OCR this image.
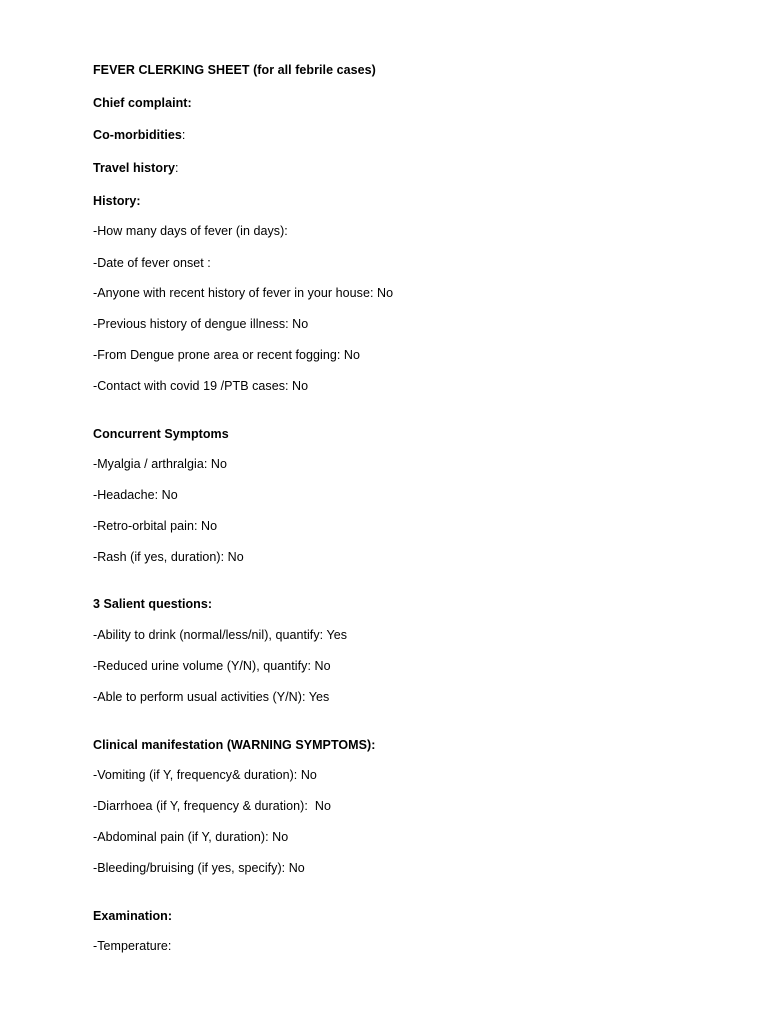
FEVER CLERKING SHEET (for all febrile cases)
Chief complaint:
Co-morbidities:
Travel history:
History:
-How many days of fever (in days):
-Date of fever onset :
-Anyone with recent history of fever in your house: No
-Previous history of dengue illness: No
-From Dengue prone area or recent fogging: No
-Contact with covid 19 /PTB cases: No
Concurrent Symptoms
-Myalgia / arthralgia: No
-Headache: No
-Retro-orbital pain: No
-Rash (if yes, duration): No
3 Salient questions:
-Ability to drink (normal/less/nil), quantify: Yes
-Reduced urine volume (Y/N), quantify: No
-Able to perform usual activities (Y/N): Yes
Clinical manifestation (WARNING SYMPTOMS):
-Vomiting (if Y, frequency& duration): No
-Diarrhoea (if Y, frequency & duration):  No
-Abdominal pain (if Y, duration): No
-Bleeding/bruising (if yes, specify): No
Examination:
-Temperature:
